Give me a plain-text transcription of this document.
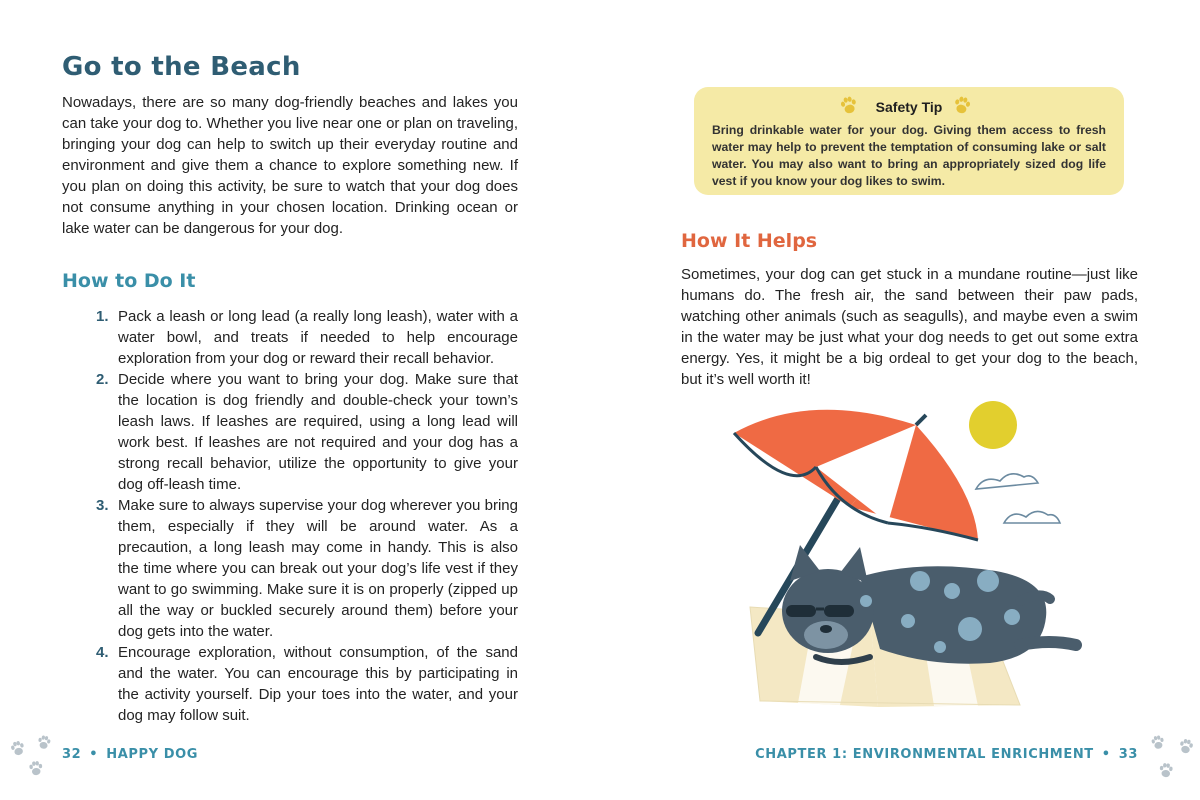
Go to the Beach

Nowadays, there are so many dog-friendly beaches and lakes you can take your dog to. Whether you live near one or plan on traveling, bringing your dog can help to switch up their everyday routine and environment and give them a chance to explore something new. If you plan on doing this activity, be sure to watch that your dog does not consume anything in your chosen location. Drinking ocean or lake water can be dangerous for your dog.

How to Do It
1. Pack a leash or long lead (a really long leash), water with a water bowl, and treats if needed to help encourage exploration from your dog or reward their recall behavior.
2. Decide where you want to bring your dog. Make sure that the location is dog friendly and double-check your town’s leash laws. If leashes are required, using a long lead will work best. If leashes are not required and your dog has a strong recall behavior, utilize the opportunity to give your dog off-leash time.
3. Make sure to always supervise your dog wherever you bring them, especially if they will be around water. As a precaution, a long leash may come in handy. This is also the time where you can break out your dog’s life vest if they want to go swimming. Make sure it is on properly (zipped up all the way or buckled securely around them) before your dog gets into the water.
4. Encourage exploration, without consumption, of the sand and the water. You can encourage this by participating in the activity yourself. Dip your toes into the water, and your dog may follow suit.
32 • HAPPY DOG
Safety Tip

Bring drinkable water for your dog. Giving them access to fresh water may help to prevent the temptation of consuming lake or salt water. You may also want to bring an appropriately sized dog life vest if you know your dog likes to swim.

How It Helps

Sometimes, your dog can get stuck in a mundane routine—just like humans do. The fresh air, the sand between their paw pads, watching other animals (such as seagulls), and maybe even a swim in the water may be just what your dog needs to get out some extra energy. Yes, it might be a big ordeal to get your dog to the beach, but it’s well worth it!

CHAPTER 1: ENVIRONMENTAL ENRICHMENT • 33
